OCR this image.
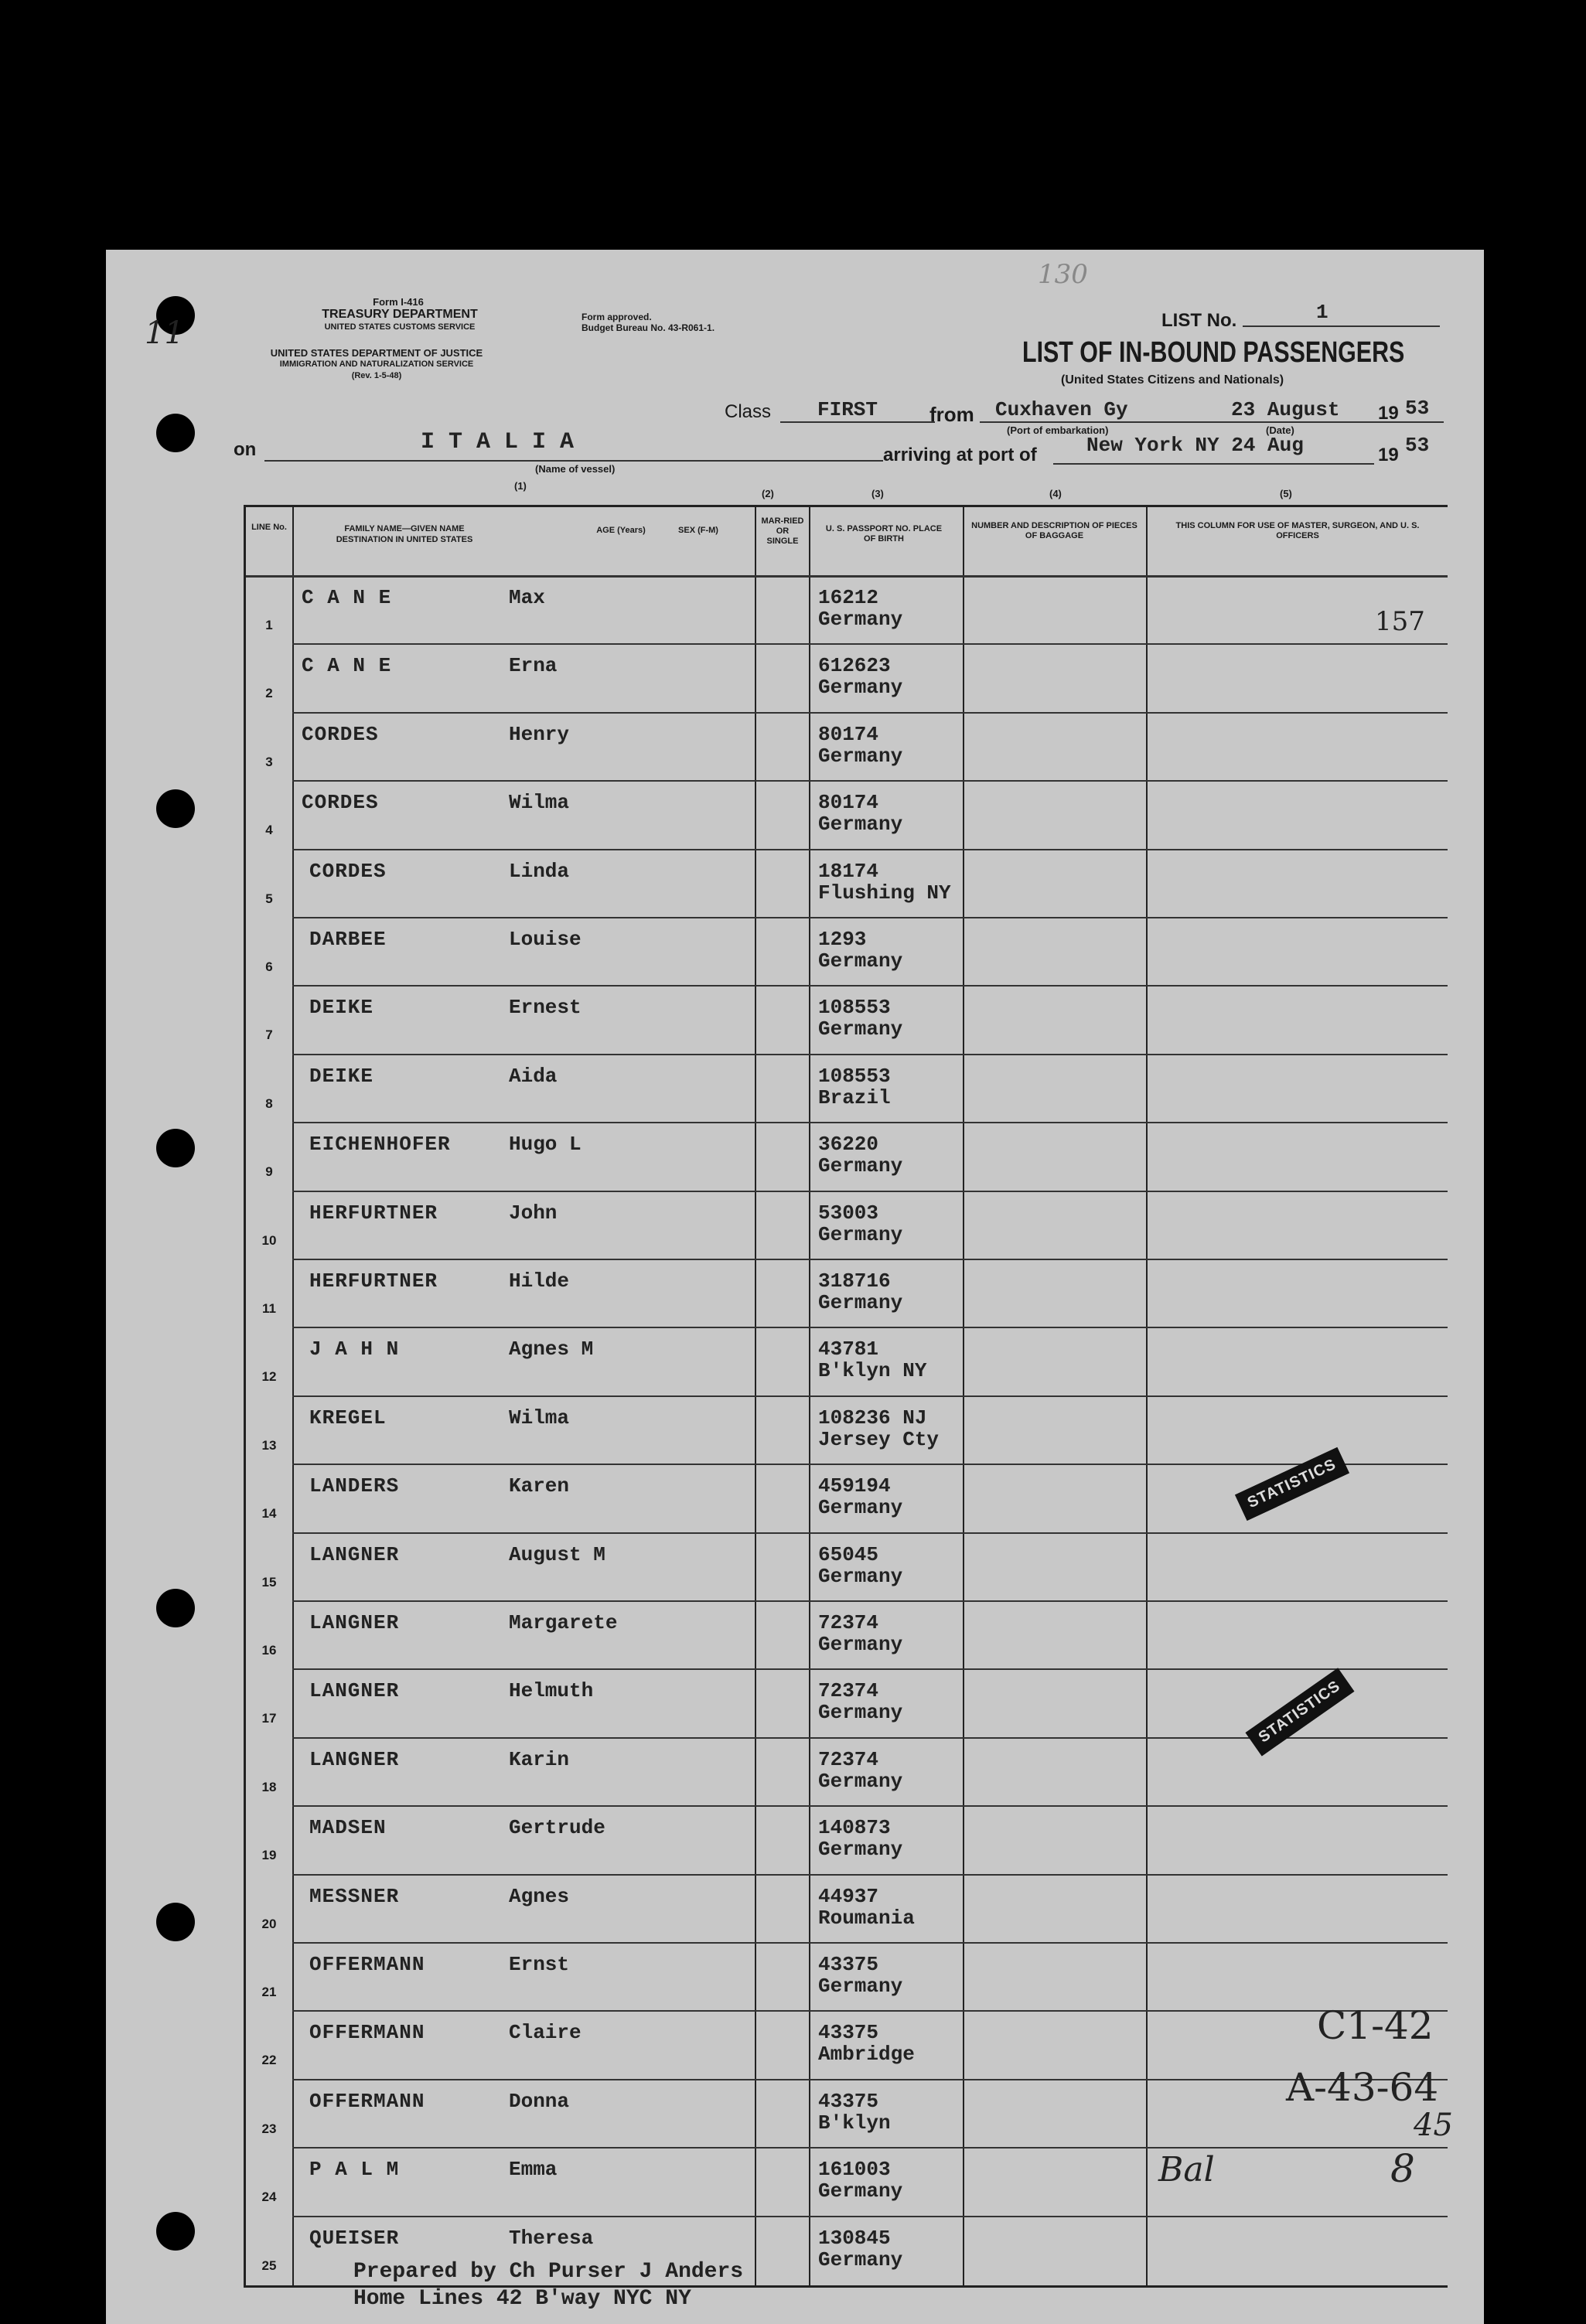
11
Form I-416
TREASURY DEPARTMENT
UNITED STATES CUSTOMS SERVICE
UNITED STATES DEPARTMENT OF JUSTICE
IMMIGRATION AND NATURALIZATION SERVICE
(Rev. 1-5-48)
Form approved.
Budget Bureau No. 43-R061-1.
130
LIST No.	1
LIST OF IN-BOUND PASSENGERS
(United States Citizens and Nationals)
Class FIRST	from Cuxhaven Gy	23 August 19 53
(Port of embarkation)	(Date)
on	I T A L I A
(Name of vessel)
arriving at port of New York NY 24 Aug	19 53
(1)
(2)	(3)	(4)	(5)
LINE No.	FAMILY NAME—GIVEN NAME
DESTINATION IN UNITED STATES
AGE (Years)	SEX (F-M)
MAR-RIED OR SINGLE
U. S. PASSPORT NO. PLACE OF BIRTH
NUMBER AND DESCRIPTION OF PIECES OF BAGGAGE
THIS COLUMN FOR USE OF MASTER, SURGEON, AND U. S. OFFICERS
1
C A N E	Max	16212
Germany
2
C A N E	Erna	612623
Germany
3
CORDES	Henry	80174
Germany
4
CORDES	Wilma	80174
Germany
5
CORDES	Linda	18174
Flushing NY
6
DARBEE	Louise	1293
Germany
7
DEIKE	Ernest	108553
Germany
8
DEIKE	Aida	108553
Brazil
9
EICHENHOFER	Hugo L	36220
Germany
10
HERFURTNER	John	53003
Germany
11
HERFURTNER	Hilde	318716
Germany
12
J A H N	Agnes M	43781
B'klyn NY
13
KREGEL	Wilma	108236 NJ
Jersey Cty
14
LANDERS	Karen	459194
Germany
15
LANGNER	August M	65045
Germany
16
LANGNER	Margarete	72374
Germany
17
LANGNER	Helmuth	72374
Germany
18
LANGNER	Karin	72374
Germany
19
MADSEN	Gertrude	140873
Germany
20
MESSNER	Agnes	44937
Roumania
21
OFFERMANN	Ernst	43375
Germany
22
OFFERMANN	Claire	43375
Ambridge
23
OFFERMANN	Donna	43375
B'klyn
24
P A L M	Emma	161003
Germany
25
QUEISER	Theresa	130845
Germany
157
STATISTICS
STATISTICS
C1-42
A-43-64
Bal	8
45
Prepared by Ch Purser J Anders
Home Lines 42 B'way NYC NY
